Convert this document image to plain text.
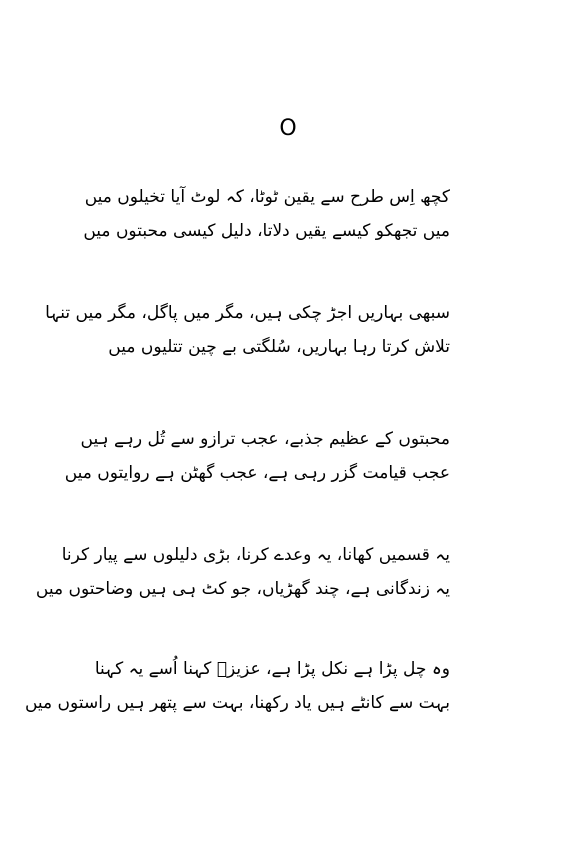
O
کچھ اِس طرح سے یقین ٹوٹا، کہ لوٹ آیا تخیلوں میں
میں تجھکو کیسے یقیں دلاتا، دلیل کیسی محبتوں میں
سبھی بہاریں اجڑ چکی ہیں، مگر میں پاگل، مگر میں تنہا
تلاش کرتا رہا بہاریں، سُلگتی بے چین تتلیوں میں
محبتوں کے عظیم جذبے، عجب ترازو سے تُل رہے ہیں
عجب قیامت گزر رہی ہے، عجب گھٹن ہے روایتوں میں
یہ قسمیں کھانا، یہ وعدے کرنا، بڑی دلیلوں سے پیار کرنا
یہ زندگانی ہے، چند گھڑیاں، جو کٹ ہی ہیں وضاحتوں میں
وہ چل پڑا ہے نکل پڑا ہے، عزیزؔ کہنا اُسے یہ کہنا
بہت سے کانٹے ہیں یاد رکھنا، بہت سے پتھر ہیں راستوں میں
